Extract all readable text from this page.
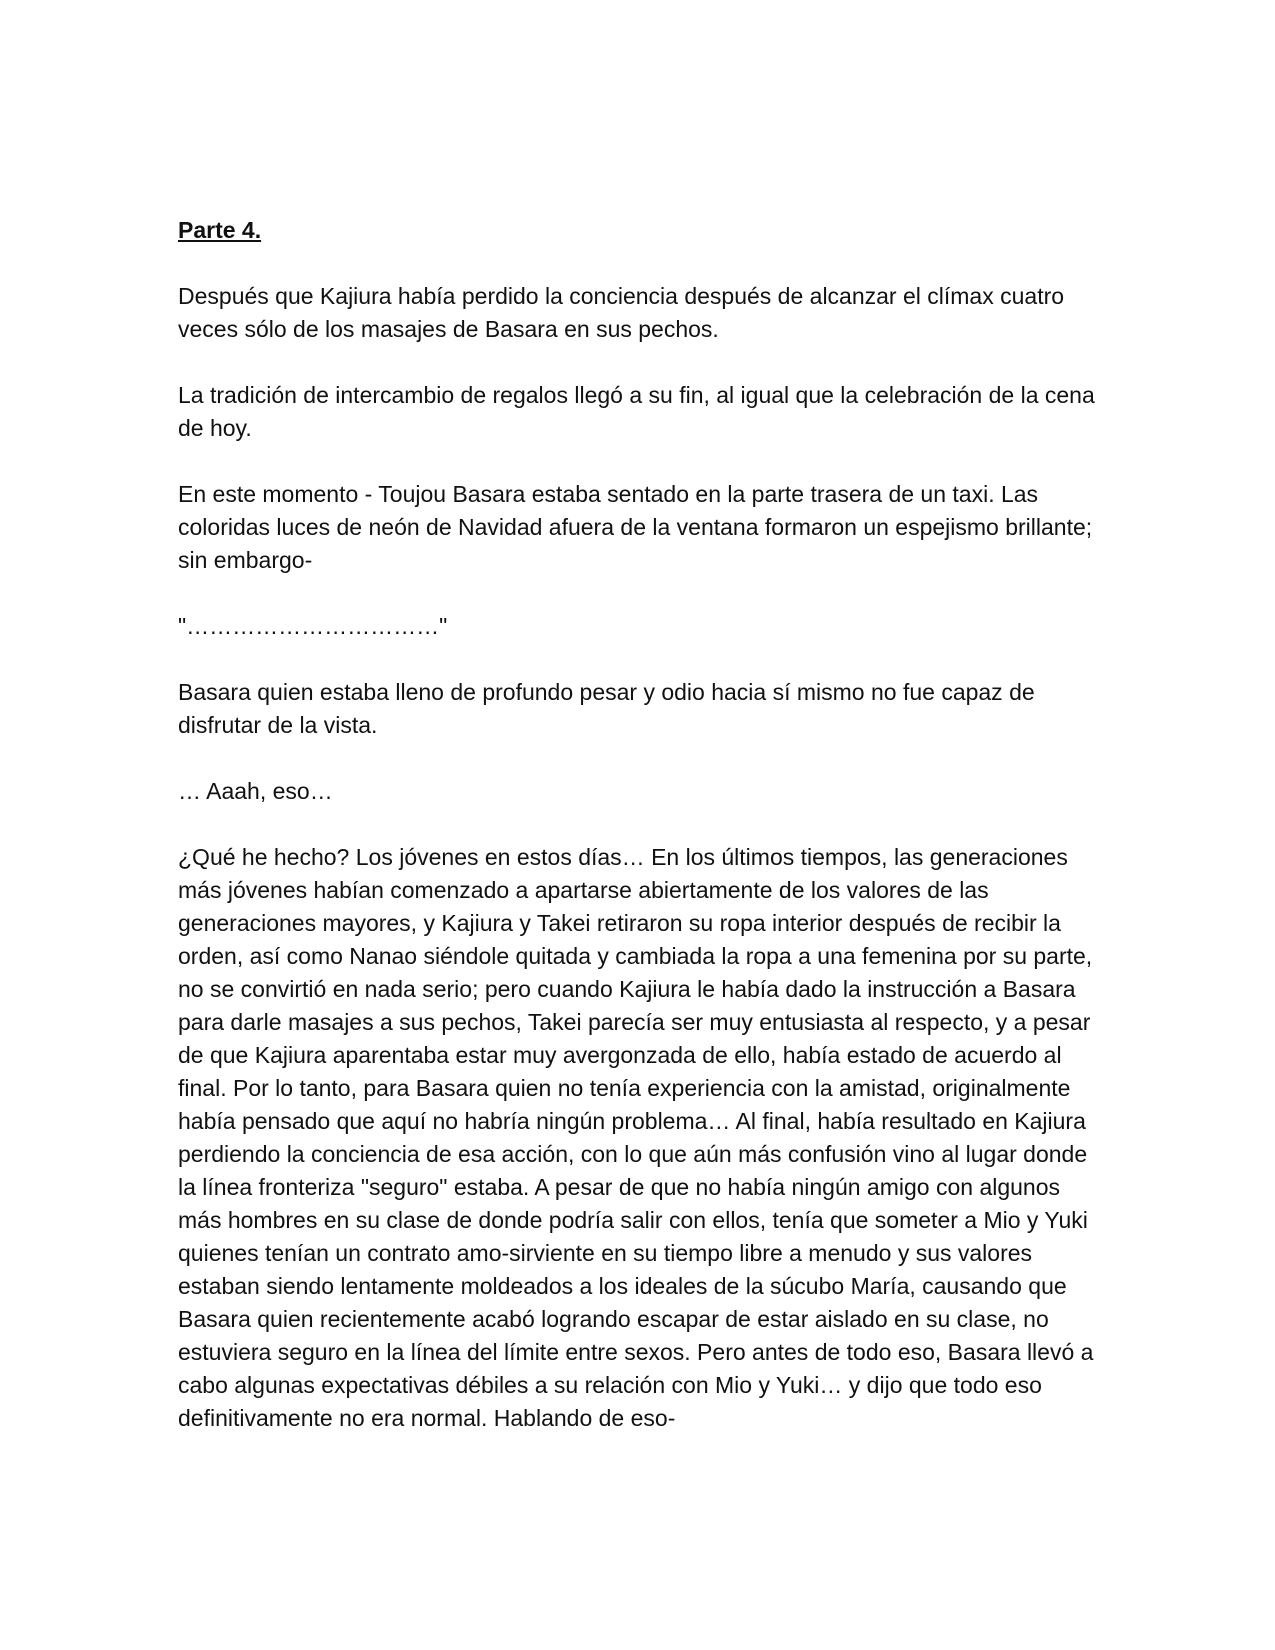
Parte 4.

Después que Kajiura había perdido la conciencia después de alcanzar el clímax cuatro veces sólo de los masajes de Basara en sus pechos.

La tradición de intercambio de regalos llegó a su fin, al igual que la celebración de la cena de hoy.

En este momento - Toujou Basara estaba sentado en la parte trasera de un taxi. Las coloridas luces de neón de Navidad afuera de la ventana formaron un espejismo brillante; sin embargo-

"……………………………"

Basara quien estaba lleno de profundo pesar y odio hacia sí mismo no fue capaz de disfrutar de la vista.

… Aaah, eso…

¿Qué he hecho? Los jóvenes en estos días… En los últimos tiempos, las generaciones más jóvenes habían comenzado a apartarse abiertamente de los valores de las generaciones mayores, y Kajiura y Takei retiraron su ropa interior después de recibir la orden, así como Nanao siéndole quitada y cambiada la ropa a una femenina por su parte, no se convirtió en nada serio; pero cuando Kajiura le había dado la instrucción a Basara para darle masajes a sus pechos, Takei parecía ser muy entusiasta al respecto, y a pesar de que Kajiura aparentaba estar muy avergonzada de ello, había estado de acuerdo al final. Por lo tanto, para Basara quien no tenía experiencia con la amistad, originalmente había pensado que aquí no habría ningún problema… Al final, había resultado en Kajiura perdiendo la conciencia de esa acción, con lo que aún más confusión vino al lugar donde la línea fronteriza "seguro" estaba. A pesar de que no había ningún amigo con algunos más hombres en su clase de donde podría salir con ellos, tenía que someter a Mio y Yuki quienes tenían un contrato amo-sirviente en su tiempo libre a menudo y sus valores estaban siendo lentamente moldeados a los ideales de la súcubo María, causando que Basara quien recientemente acabó logrando escapar de estar aislado en su clase, no estuviera seguro en la línea del límite entre sexos. Pero antes de todo eso, Basara llevó a cabo algunas expectativas débiles a su relación con Mio y Yuki… y dijo que todo eso definitivamente no era normal. Hablando de eso-
